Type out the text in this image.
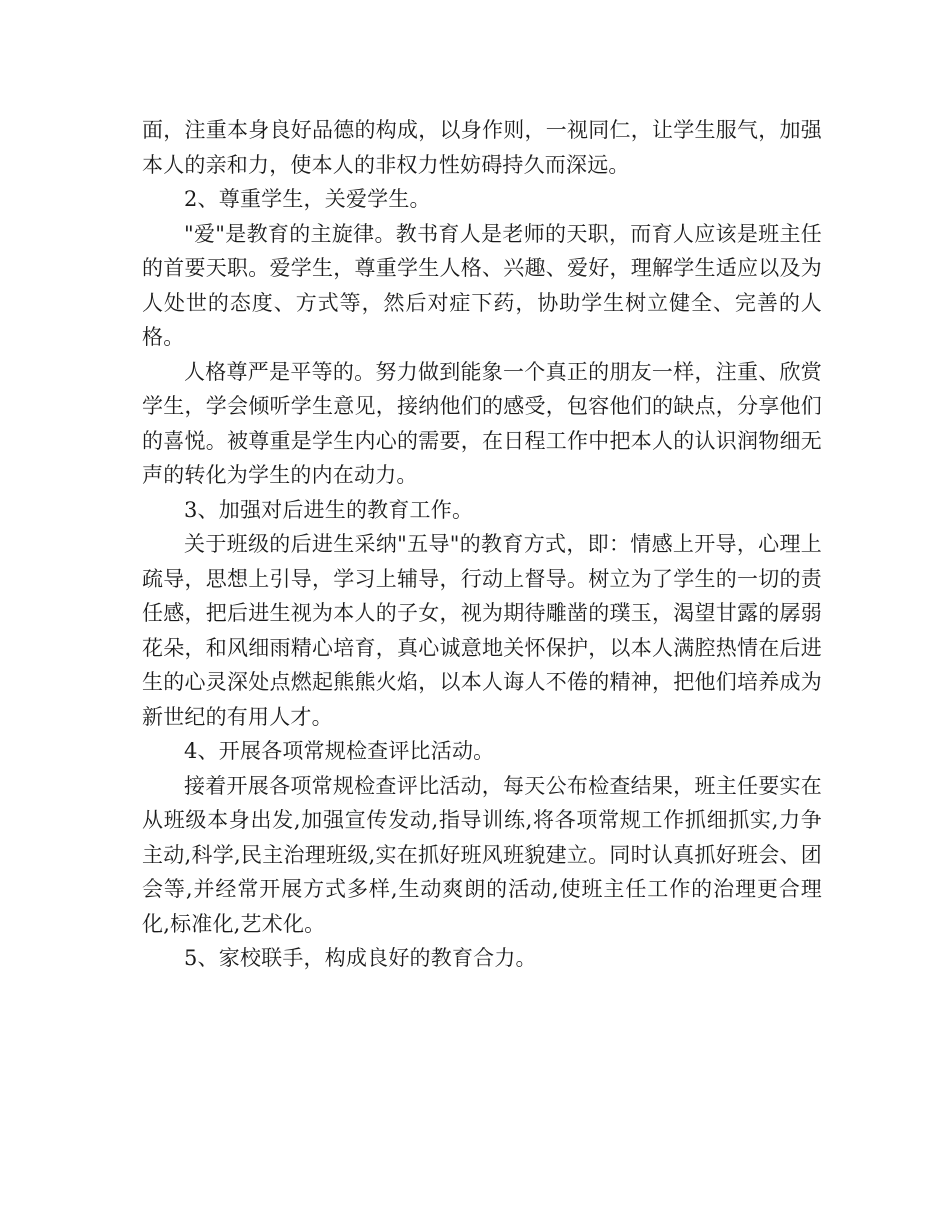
面，注重本身良好品德的构成，以身作则，一视同仁，让学生服气，加强本人的亲和力，使本人的非权力性妨碍持久而深远。

2、尊重学生，关爱学生。

"爱"是教育的主旋律。教书育人是老师的天职，而育人应该是班主任的首要天职。爱学生，尊重学生人格、兴趣、爱好，理解学生适应以及为人处世的态度、方式等，然后对症下药，协助学生树立健全、完善的人格。

人格尊严是平等的。努力做到能象一个真正的朋友一样，注重、欣赏学生，学会倾听学生意见，接纳他们的感受，包容他们的缺点，分享他们的喜悦。被尊重是学生内心的需要，在日程工作中把本人的认识润物细无声的转化为学生的内在动力。

3、加强对后进生的教育工作。

关于班级的后进生采纳"五导"的教育方式，即：情感上开导，心理上疏导，思想上引导，学习上辅导，行动上督导。树立为了学生的一切的责任感，把后进生视为本人的子女，视为期待雕凿的璞玉，渴望甘露的孱弱花朵，和风细雨精心培育，真心诚意地关怀保护，以本人满腔热情在后进生的心灵深处点燃起熊熊火焰，以本人诲人不倦的精神，把他们培养成为新世纪的有用人才。

4、开展各项常规检查评比活动。

接着开展各项常规检查评比活动，每天公布检查结果，班主任要实在从班级本身出发,加强宣传发动,指导训练,将各项常规工作抓细抓实,力争主动,科学,民主治理班级,实在抓好班风班貌建立。同时认真抓好班会、团会等,并经常开展方式多样,生动爽朗的活动,使班主任工作的治理更合理化,标准化,艺术化。

5、家校联手，构成良好的教育合力。
